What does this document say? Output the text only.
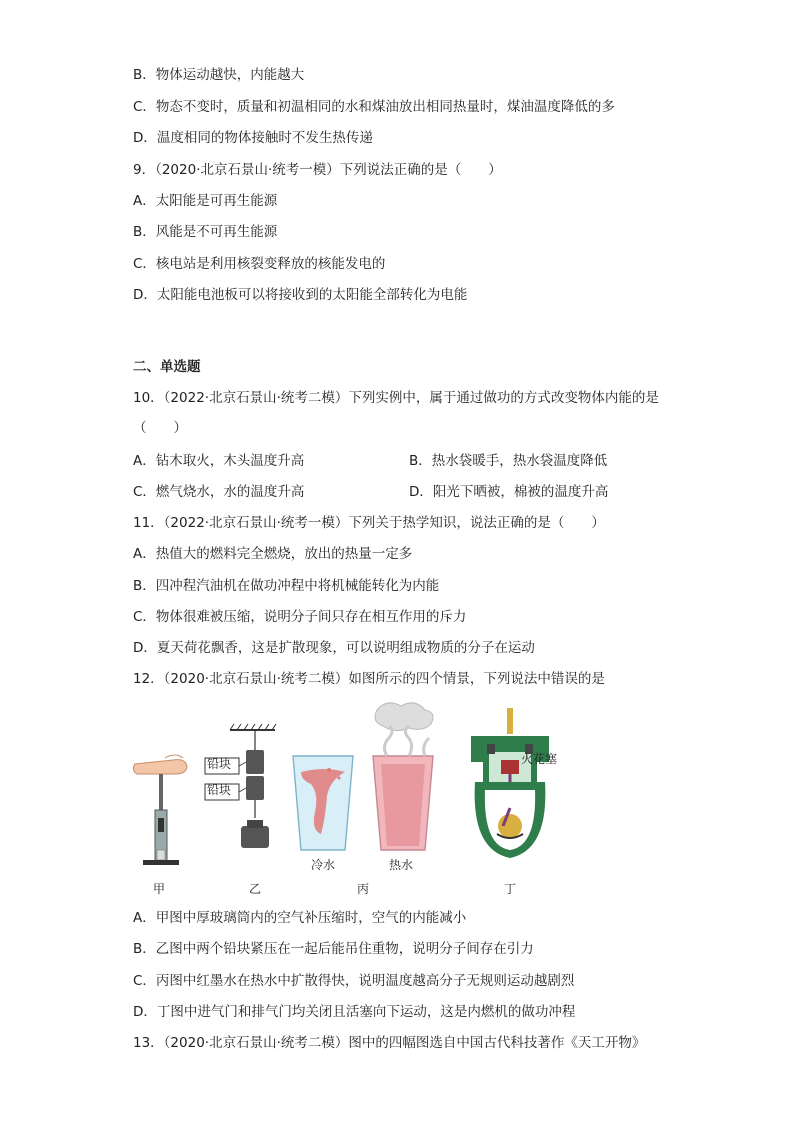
B．物体运动越快，内能越大
C．物态不变时，质量和初温相同的水和煤油放出相同热量时，煤油温度降低的多
D．温度相同的物体接触时不发生热传递
9．（2020·北京石景山·统考一模）下列说法正确的是（　　）
A．太阳能是可再生能源
B．风能是不可再生能源
C．核电站是利用核裂变释放的核能发电的
D．太阳能电池板可以将接收到的太阳能全部转化为电能
二、单选题
10．（2022·北京石景山·统考二模）下列实例中，属于通过做功的方式改变物体内能的是
（　　）
A．钻木取火，木头温度升高	B．热水袋暖手，热水袋温度降低
C．燃气烧水，水的温度升高	D．阳光下晒被，棉被的温度升高
11．（2022·北京石景山·统考一模）下列关于热学知识，说法正确的是（　　）
A．热值大的燃料完全燃烧，放出的热量一定多
B．四冲程汽油机在做功冲程中将机械能转化为内能
C．物体很难被压缩，说明分子间只存在相互作用的斥力
D．夏天荷花飘香，这是扩散现象，可以说明组成物质的分子在运动
12．（2020·北京石景山·统考二模）如图所示的四个情景，下列说法中错误的是
铅块
铅块
冷水	热水
火花塞
甲	乙	丙	丁
A．甲图中厚玻璃筒内的空气补压缩时，空气的内能减小
B．乙图中两个铅块紧压在一起后能吊住重物，说明分子间存在引力
C．丙图中红墨水在热水中扩散得快，说明温度越高分子无规则运动越剧烈
D．丁图中进气门和排气门均关闭且活塞向下运动，这是内燃机的做功冲程
13．（2020·北京石景山·统考二模）图中的四幅图选自中国古代科技著作《天工开物》
